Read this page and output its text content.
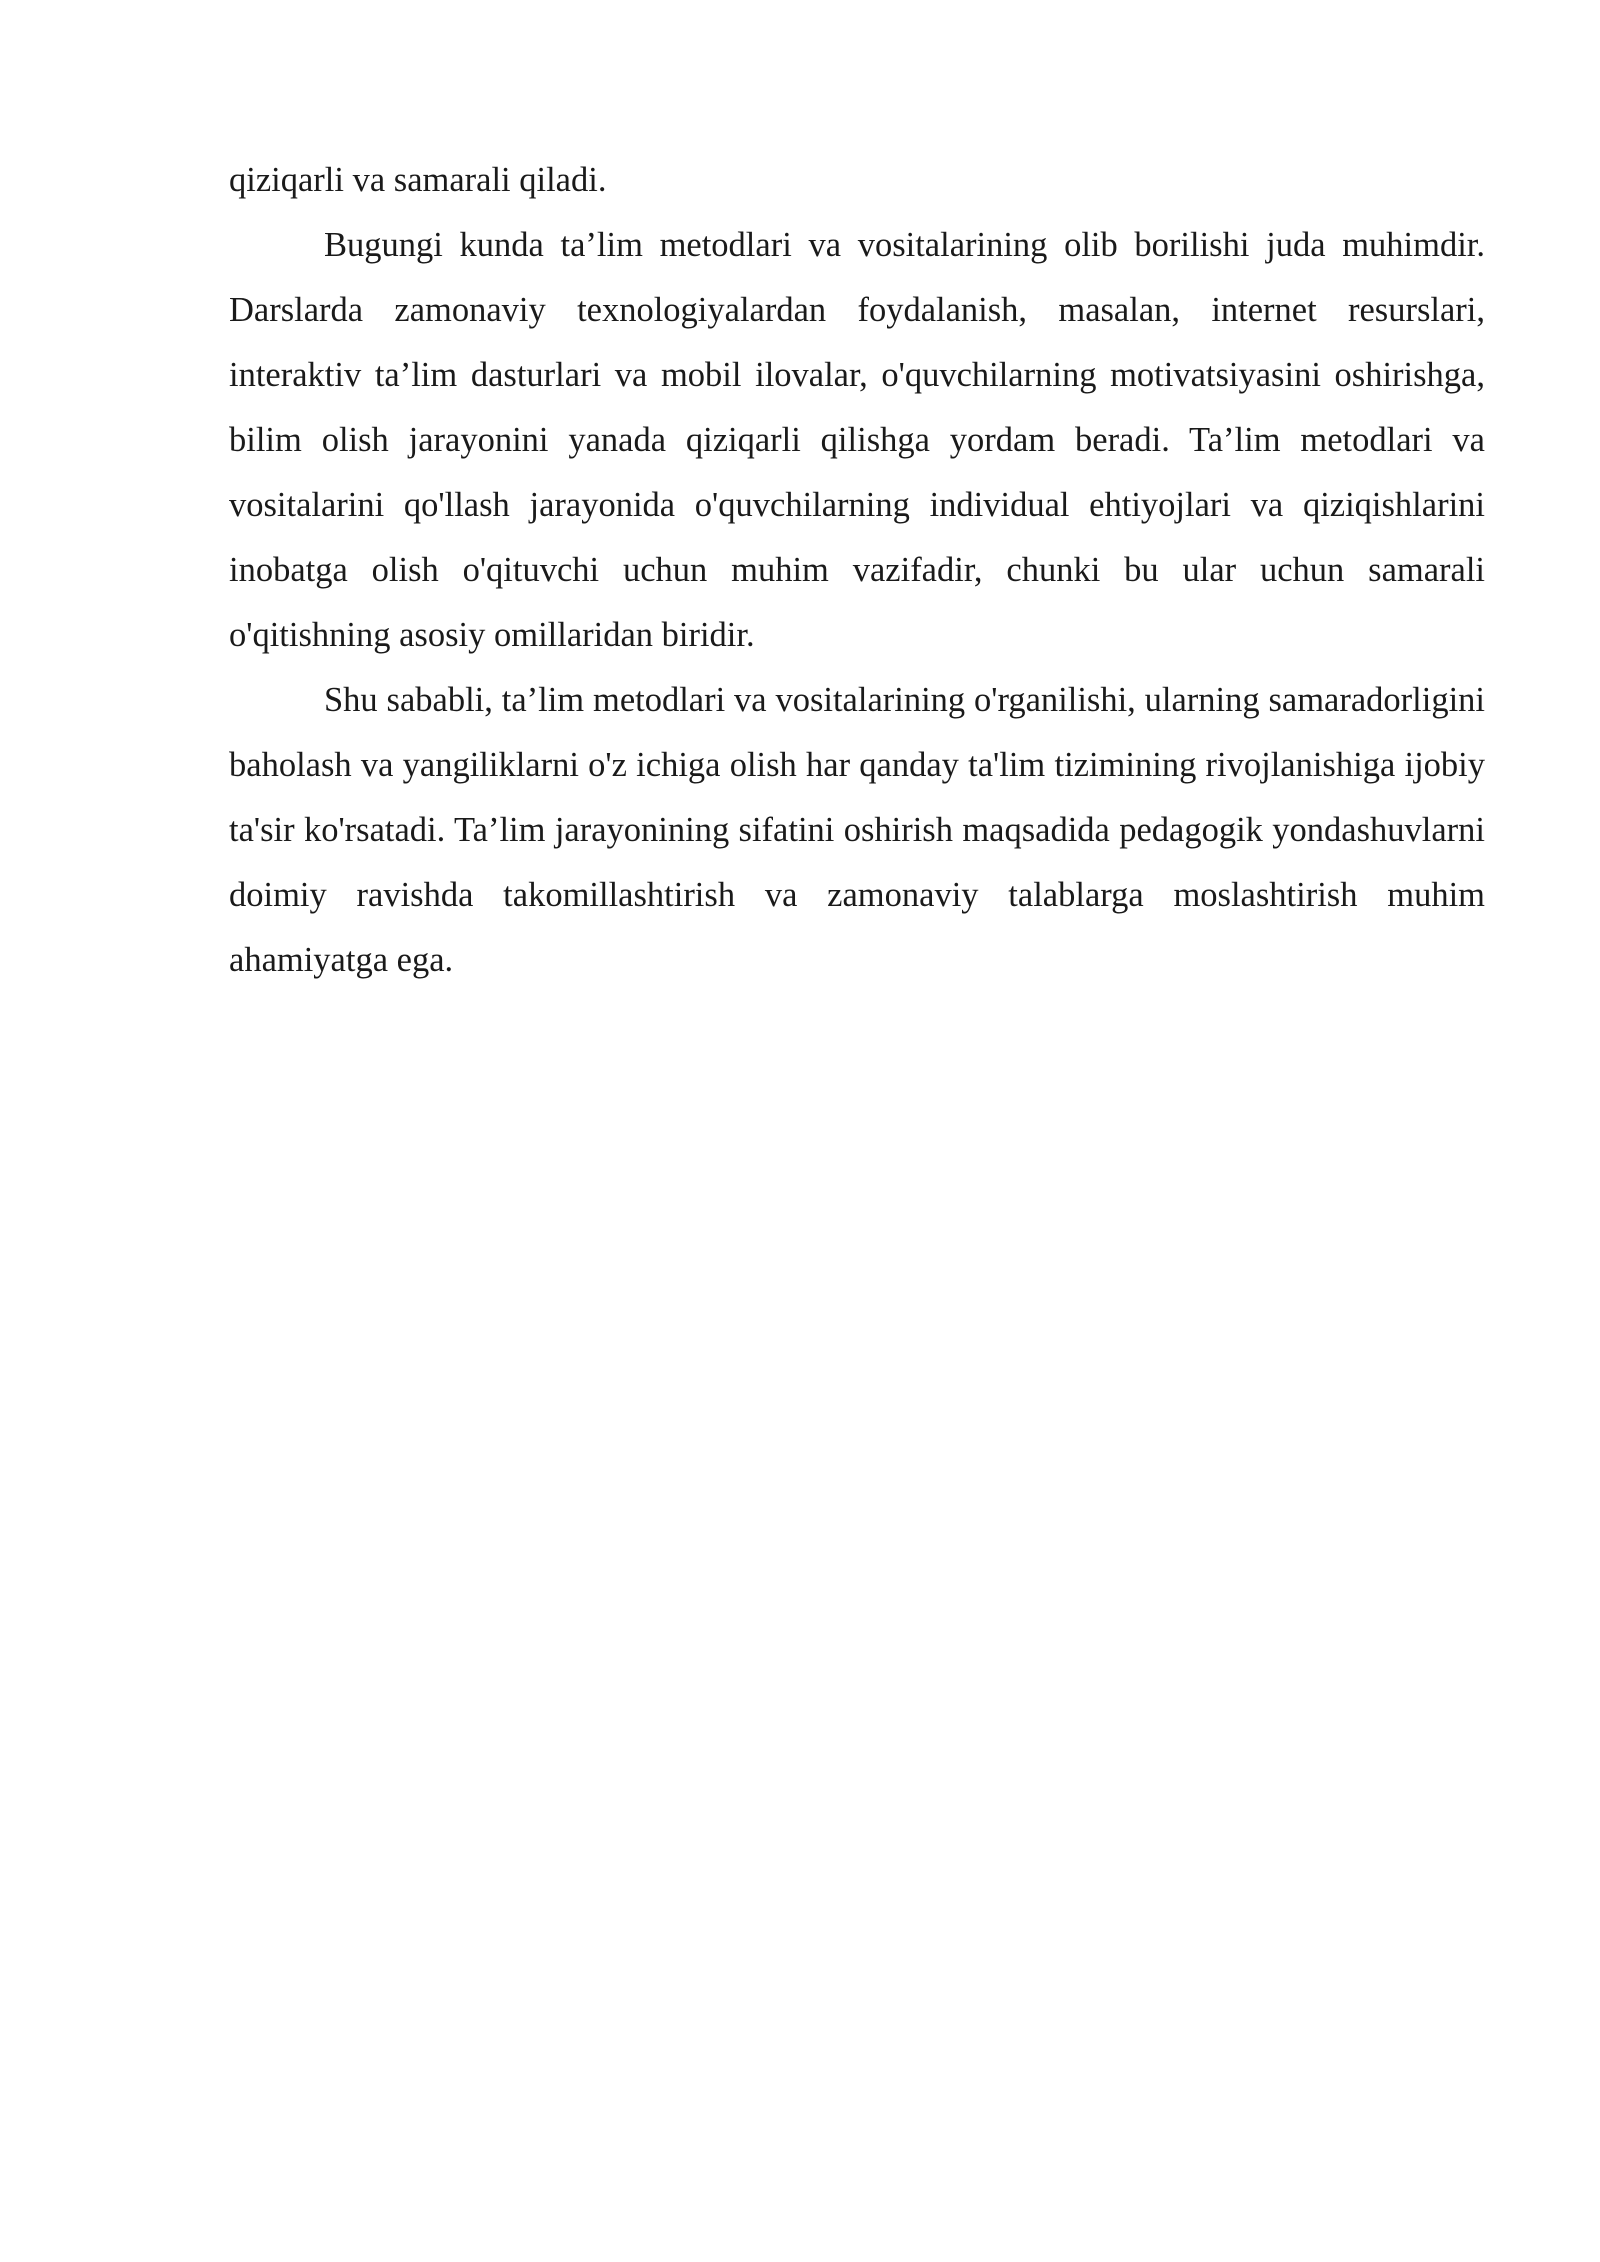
qiziqarli va samarali qiladi.

Bugungi kunda ta’lim metodlari va vositalarining olib borilishi juda muhimdir. Darslarda zamonaviy texnologiyalardan foydalanish, masalan, internet resurslari, interaktiv ta’lim dasturlari va mobil ilovalar, o'quvchilarning motivatsiyasini oshirishga, bilim olish jarayonini yanada qiziqarli qilishga yordam beradi. Ta’lim metodlari va vositalarini qo'llash jarayonida o'quvchilarning individual ehtiyojlari va qiziqishlarini inobatga olish o'qituvchi uchun muhim vazifadir, chunki bu ular uchun samarali o'qitishning asosiy omillaridan biridir.

Shu sababli, ta’lim metodlari va vositalarining o'rganilishi, ularning samaradorligini baholash va yangiliklarni o'z ichiga olish har qanday ta'lim tizimining rivojlanishiga ijobiy ta'sir ko'rsatadi. Ta’lim jarayonining sifatini oshirish maqsadida pedagogik yondashuvlarni doimiy ravishda takomillashtirish va zamonaviy talablarga moslashtirish muhim ahamiyatga ega.
